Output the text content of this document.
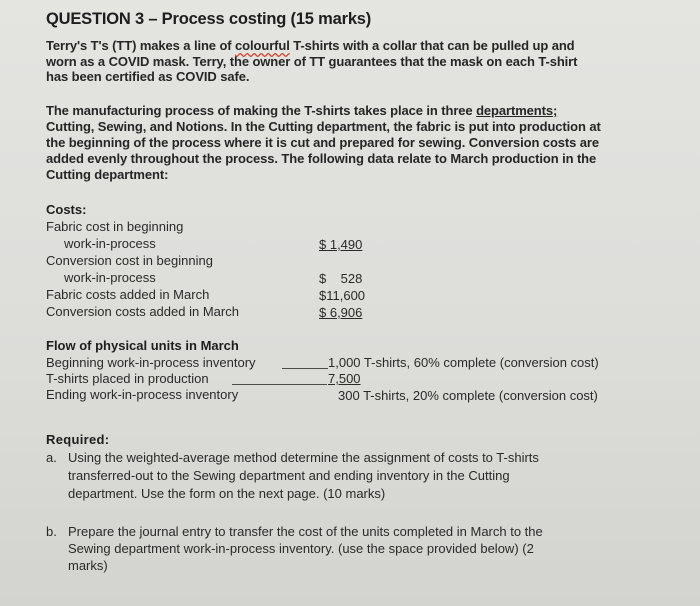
QUESTION 3 – Process costing (15 marks)
Terry's T's (TT) makes a line of colourful T-shirts with a collar that can be pulled up and
worn as a COVID mask. Terry, the owner of TT guarantees that the mask on each T-shirt
has been certified as COVID safe.
The manufacturing process of making the T-shirts takes place in three departments;
Cutting, Sewing, and Notions. In the Cutting department, the fabric is put into production at
the beginning of the process where it is cut and prepared for sewing. Conversion costs are
added evenly throughout the process. The following data relate to March production in the
Cutting department:
Costs:
Fabric cost in beginning
work-in-process	$ 1,490
Conversion cost in beginning
work-in-process	$    528
Fabric costs added in March	$11,600
Conversion costs added in March	$ 6,906
Flow of physical units in March
Beginning work-in-process inventory	1,000 T-shirts, 60% complete (conversion cost)
T-shirts placed in production	7,500
Ending work-in-process inventory	300 T-shirts, 20% complete (conversion cost)
Required:
a. Using the weighted-average method determine the assignment of costs to T-shirts
transferred-out to the Sewing department and ending inventory in the Cutting
department. Use the form on the next page. (10 marks)
b. Prepare the journal entry to transfer the cost of the units completed in March to the
Sewing department work-in-process inventory. (use the space provided below) (2
marks)
